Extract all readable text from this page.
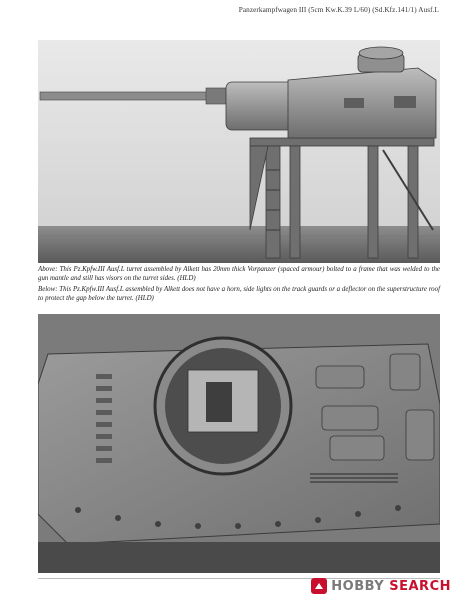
Panzerkampfwagen III (5cm Kw.K.39 L/60) (Sd.Kfz.141/1) Ausf.L
Above: This Pz.Kpfw.III Ausf.L turret assembled by Alkett has 20mm thick Vorpanzer (spaced armour) bolted to a frame that was welded to the gun mantle and still has visors on the turret sides. (HLD)
Below: This Pz.Kpfw.III Ausf.L assembled by Alkett does not have a horn, side lights on the track guards or a deflector on the superstructure roof to protect the gap below the turret. (HLD)
HOBBY SEARCH
